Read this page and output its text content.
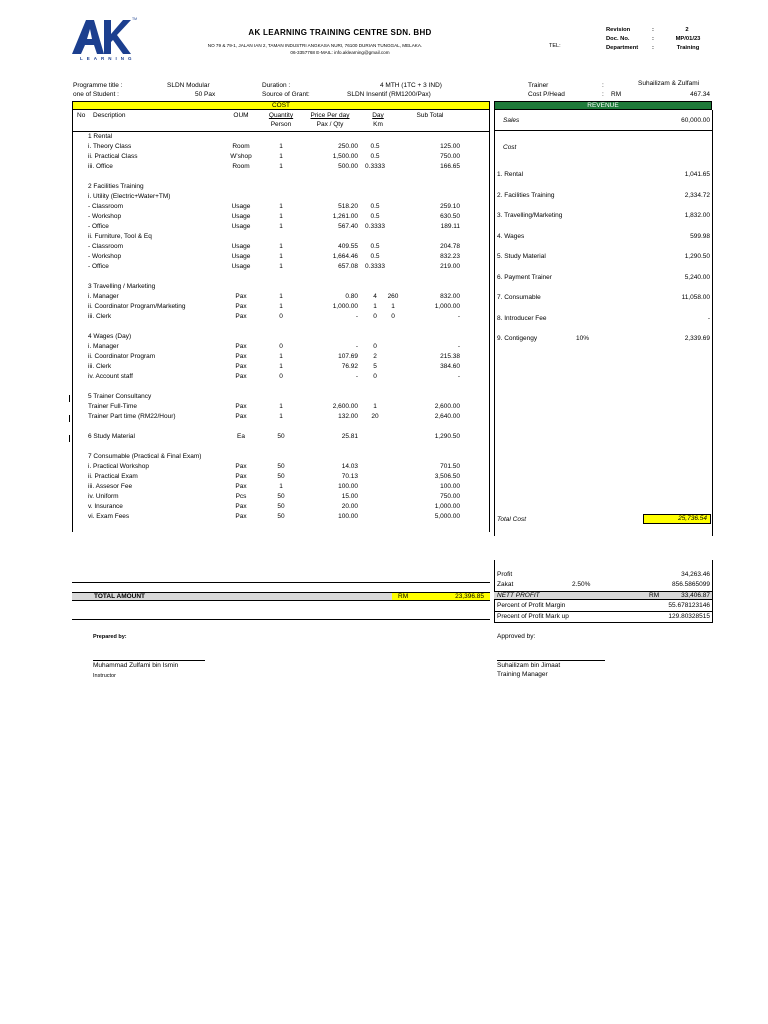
LEARNING
TM
AK LEARNING TRAINING CENTRE SDN. BHD
NO 79 & 79-1, JALAN IAN 2, TAMAN INDUSTRI ANGKASA NURI, 76100 DURIAN TUNGGAL, MELAKA.
06-3357768 E-MAIL: info.aklearning@gmail.com
TEL:
Revision	:	2
Doc. No.	:	MP/01/23
Department :	Training
Programme title :	SLDN Modular
one of Student :	50 Pax
Duration :	4 MTH (1TC + 3 IND)
Source of Grant:	SLDN Insentif (RM1200/Pax)
Trainer	:	Suhailizam & Zulfami
Cost P/Head	: RM	467.34
COST	REVENUE
No Description	OUM	Quantity
Person
Price Per day
Pax / Qty
Day
Km
Sub Total
1 Rental
i. Theory Class	Room	1	250.00	0.5	125.00
ii. Practical Class	W'shop	1	1,500.00	0.5	750.00
iii. Office	Room	1	500.00 0.3333	166.65
2 Facilities Training
i. Utility (Electric+Water+TM)
- Classroom	Usage	1	518.20	0.5	259.10
- Workshop	Usage	1	1,261.00	0.5	630.50
- Office	Usage	1	567.40 0.3333	189.11
ii. Furniture, Tool & Eq
- Classroom	Usage	1	409.55	0.5	204.78
- Workshop	Usage	1	1,664.46	0.5	832.23
- Office	Usage	1	657.08 0.3333	219.00
3 Travelling / Marketing
i. Manager	Pax	1	0.80	4	260	832.00
ii. Coordinator Program/Marketing	Pax	1	1,000.00	1	1	1,000.00
iii. Clerk	Pax	0	-	0	0	-
4 Wages (Day)
i. Manager	Pax	0	-	0	-
ii. Coordinator Program	Pax	1	107.69	2	215.38
iii. Clerk	Pax	1	76.92	5	384.60
iv. Account staff	Pax	0	-	0	-
5 Trainer Consultancy
Trainer Full-Time	Pax	1	2,600.00	1	2,600.00
Trainer Part time (RM22/Hour)	Pax	1	132.00	20	2,640.00
6 Study Material	Ea	50	25.81	1,290.50
7 Consumable (Practical & Final Exam)
i. Practical Workshop	Pax	50	14.03	701.50
ii. Practical Exam	Pax	50	70.13	3,506.50
iii. Assesor Fee	Pax	1	100.00	100.00
iv. Uniform	Pcs	50	15.00	750.00
v. Insurance	Pax	50	20.00	1,000.00
vi. Exam Fees	Pax	50	100.00	5,000.00
TOTAL AMOUNT	RM	23,396.85
Sales	60,000.00
Cost
1. Rental	1,041.65
2. Facilities Training	2,334.72
3. Travelling/Marketing	1,832.00
4. Wages	599.98
5. Study Material	1,290.50
6. Payment Trainer	5,240.00
7. Consumable	11,058.00
8. Introducer Fee	-
9. Contigengy	10%	2,339.69
Total Cost	25,736.54
Profit	34,263.46
Zakat	2.50%	856.5865099
NETT PROFIT	RM	33,406.87
Percent of Profit Margin	55.678123146
Precent of Profit Mark up	129.80328515
Prepared by:	Approved by:
Muhammad Zulfami bin Ismin
Instructor
Suhailizam bin Jimaat
Training Manager
